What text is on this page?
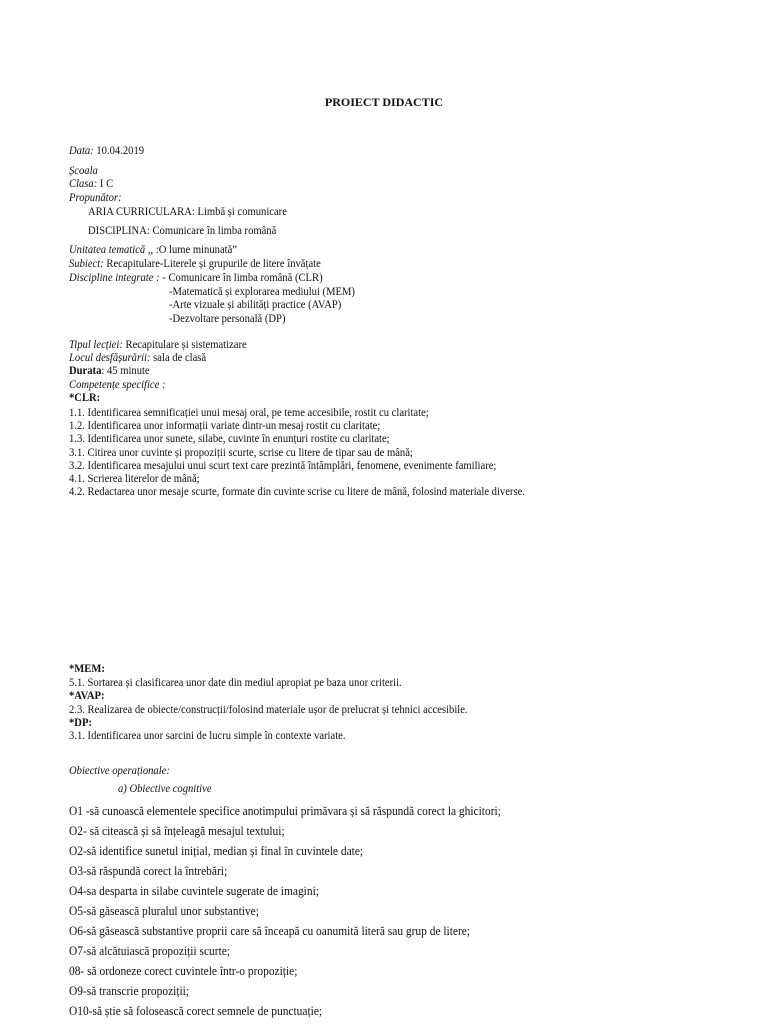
PROIECT DIDACTIC
Data: 10.04.2019
Școala
Clasa: I C
Propunător:
ARIA CURRICULARA: Limbă și comunicare
DISCIPLINA: Comunicare în limba română
Unitatea tematică ,, :O lume minunată”
Subiect: Recapitulare-Literele și grupurile de litere învățate
Discipline integrate : - Comunicare în limba română (CLR)
-Matematică și explorarea mediului (MEM)
-Arte vizuale și abilități practice (AVAP)
-Dezvoltare personală (DP)
Tipul lecției: Recapitulare și sistematizare
Locul desfășurării: sala de clasă
Durata: 45 minute
Competențe specifice :
*CLR:
1.1. Identificarea semnificației unui mesaj oral, pe teme accesibile, rostit cu claritate;
1.2. Identificarea unor informații variate dintr-un mesaj rostit cu claritate;
1.3. Identificarea unor sunete, silabe, cuvinte în enunțuri rostite cu claritate;
3.1. Citirea unor cuvinte și propoziții scurte, scrise cu litere de tipar sau de mână;
3.2. Identificarea mesajului unui scurt text care prezintă întâmplări, fenomene, evenimente familiare;
4.1. Scrierea literelor de mână;
4.2. Redactarea unor mesaje scurte, formate din cuvinte scrise cu litere de mână, folosind materiale diverse.
*MEM:
5.1. Sortarea și clasificarea unor date din mediul apropiat pe baza unor criterii.
*AVAP:
2.3. Realizarea de obiecte/construcții/folosind materiale ușor de prelucrat și tehnici accesibile.
*DP:
3.1. Identificarea unor sarcini de lucru simple în contexte variate.
Obiective operaționale:
a) Obiective cognitive
O1 -să cunoască elementele specifice anotimpului primăvara și să răspundă corect la ghicitori;
O2- să citească și să înțeleagă mesajul textului;
O2-să identifice sunetul inițial, median și final în cuvintele date;
O3-să răspundă corect la întrebări;
O4-sa desparta in silabe cuvintele sugerate de imagini;
O5-să găsească pluralul unor substantive;
O6-să găsească substantive proprii care să înceapă cu oanumită literă sau grup de litere;
O7-să alcătuiască propoziții scurte;
08- să ordoneze corect cuvintele într-o propoziție;
O9-să transcrie propoziții;
O10-să știe să folosească corect semnele de punctuație;
